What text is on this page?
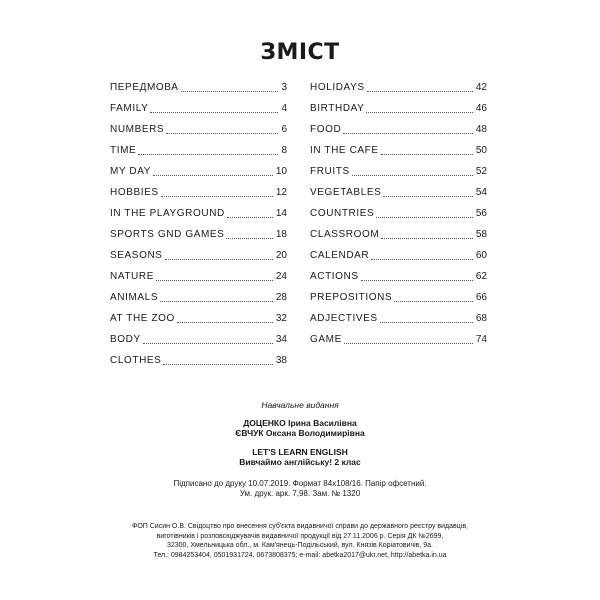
ЗМІСТ
ПЕРЕДМОВА	3
FAMILY	4
NUMBERS	6
TIME	8
MY DAY	10
HOBBIES	12
IN THE PLAYGROUND	14
SPORTS GND GAMES	18
SEASONS	20
NATURE	24
ANIMALS	28
AT THE ZOO	32
BODY	34
CLOTHES	38
HOLIDAYS	42
BIRTHDAY	46
FOOD	48
IN THE CAFE	50
FRUITS	52
VEGETABLES	54
COUNTRIES	56
CLASSROOM	58
CALENDAR	60
ACTIONS	62
PREPOSITIONS	66
ADJECTIVES	68
GAME	74
Навчальне видання
ДОЦЕНКО Ірина Василівна
ЄВЧУК Оксана Володимирівна
LET'S LEARN ENGLISH
Вивчаймо англійську! 2 клас
Підписано до друку 10.07.2019. Формат 84x108/16. Папір офсетний.
Ум. друк. арк. 7,98. Зам. № 1320
ФОП Сисин О.В. Свідоцтво про внесення суб'єкта видавничої справи до державного реєстру видавців,
виготівників і розповсюджувачів видавничої продукції від 27.11.2006 р. Серія ДК №2699,
32300, Хмельницька обл., м. Кам'янець-Подільський, вул. Князів Коріатовичів, 9а.
Тел.: 0984253404, 0501931724, 0673808375; e-mail: abetka2017@ukr.net, http://abetka.in.ua
